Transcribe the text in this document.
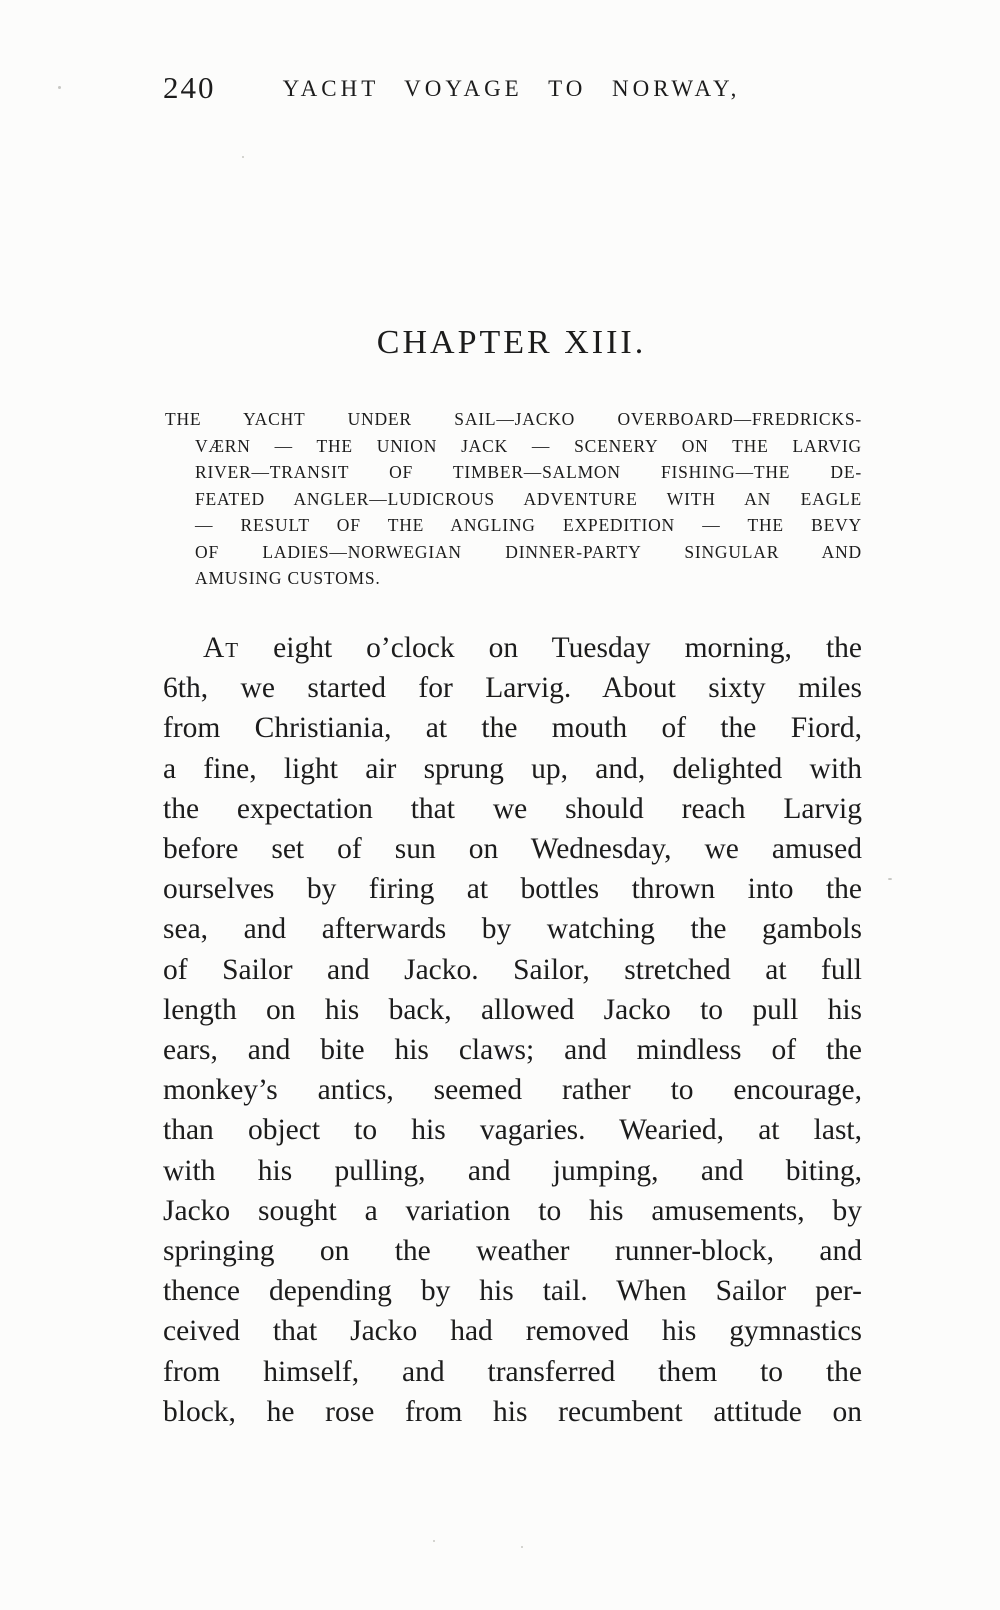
240	YACHT VOYAGE TO NORWAY,
CHAPTER XIII.
THE YACHT UNDER SAIL—JACKO OVERBOARD—FREDRICKS-
VÆRN — THE UNION JACK — SCENERY ON THE LARVIG
RIVER—TRANSIT OF TIMBER—SALMON FISHING—THE DE-
FEATED ANGLER—LUDICROUS ADVENTURE WITH AN EAGLE
— RESULT OF THE ANGLING EXPEDITION — THE BEVY
OF LADIES—NORWEGIAN DINNER-PARTY SINGULAR AND
AMUSING CUSTOMS.
At eight o’clock on Tuesday morning, the
6th, we started for Larvig. About sixty miles
from Christiania, at the mouth of the Fiord,
a fine, light air sprung up, and, delighted with
the expectation that we should reach Larvig
before set of sun on Wednesday, we amused
ourselves by firing at bottles thrown into the
sea, and afterwards by watching the gambols
of Sailor and Jacko. Sailor, stretched at full
length on his back, allowed Jacko to pull his
ears, and bite his claws; and mindless of the
monkey’s antics, seemed rather to encourage,
than object to his vagaries. Wearied, at last,
with his pulling, and jumping, and biting,
Jacko sought a variation to his amusements, by
springing on the weather runner-block, and
thence depending by his tail. When Sailor per-
ceived that Jacko had removed his gymnastics
from himself, and transferred them to the
block, he rose from his recumbent attitude on
